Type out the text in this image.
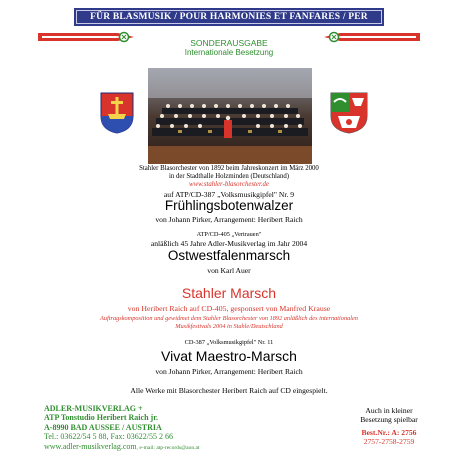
FÜR BLASMUSIK / POUR HARMONIES ET FANFARES / PER BANDA
SONDERAUSGABE
Internationale Besetzung
Stahler Blasorchester von 1892 beim Jahreskonzert im März 2000
in der Stadthalle Holzminden (Deutschland)
www.stahler-blasorchester.de
auf ATP/CD-387 „Volksmusikgipfel" Nr. 9
Frühlingsbotenwalzer
von Johann Pirker, Arrangement: Heribert Raich
ATP/CD-405 „Vertrauen"
anläßlich 45 Jahre Adler-Musikverlag im Jahr 2004
Ostwestfalenmarsch
von Karl Auer
Stahler Marsch
von Heribert Raich auf CD-405, gesponsert von Manfred Krause
Auftragskomposition und gewidmet dem Stahler Blasorchester von 1892 anläßlich des internationalen
Musikfestivals 2004 in Stahle/Deutschland
CD-387 „Volksmusikgipfel" Nr. 11
Vivat Maestro-Marsch
von Johann Pirker, Arrangement: Heribert Raich
Alle Werke mit Blasorchester Heribert Raich auf CD eingespielt.
ADLER-MUSIKVERLAG +
ATP Tonstudio Heribert Raich jr.
A-8990 BAD AUSSEE / AUSTRIA
Tel.: 03622/54 5 88, Fax: 03622/55 2 66
www.adler-musikverlag.com, e-mail: atp-records@aon.at
Auch in kleiner
Besetzung spielbar
Best.Nr.: A: 2756
2757-2758-2759
